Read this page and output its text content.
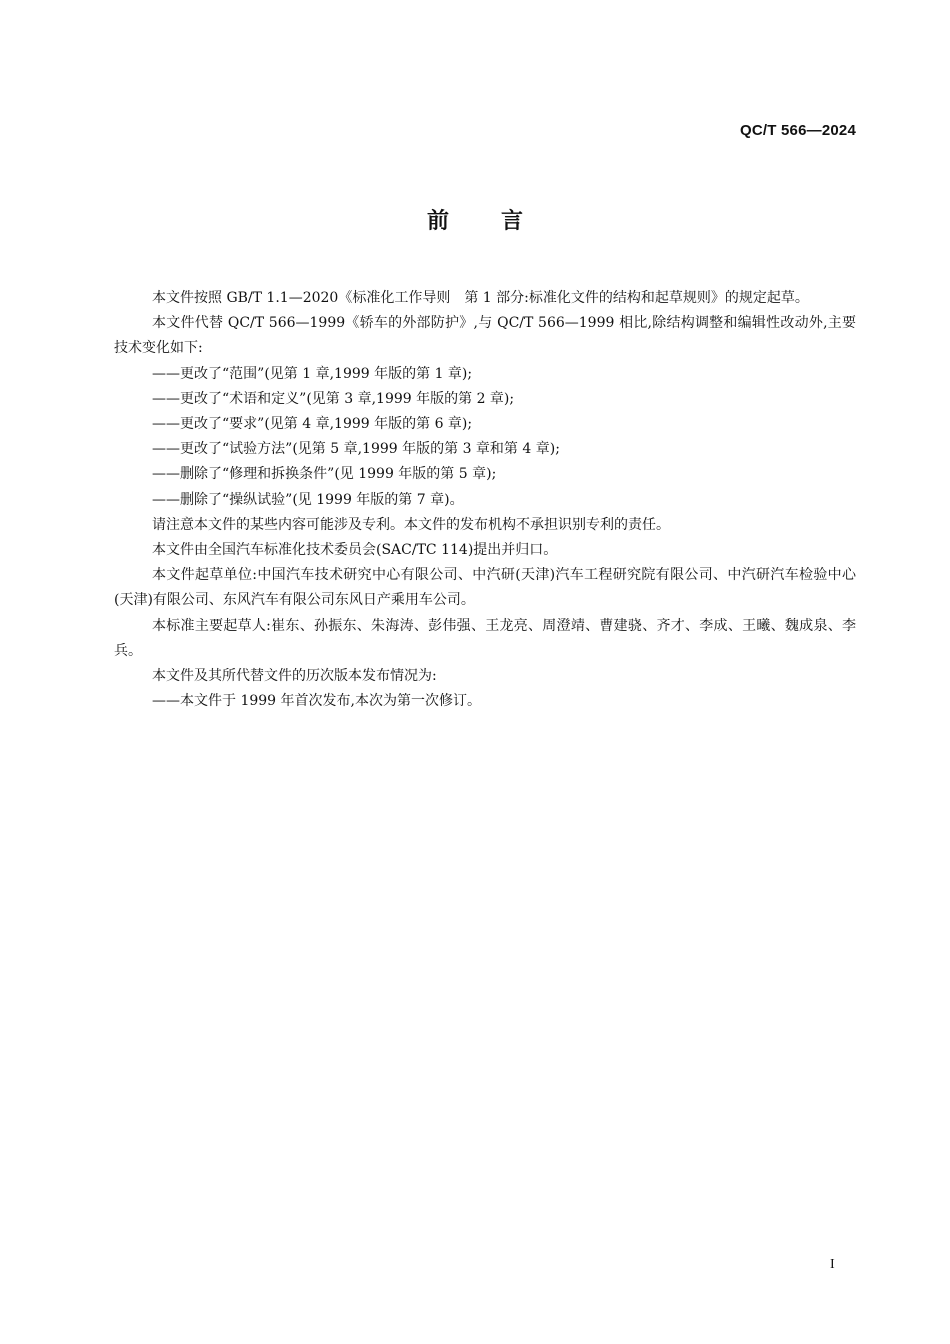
QC/T 566—2024
前言

本文件按照 GB/T 1.1—2020《标准化工作导则　第 1 部分:标准化文件的结构和起草规则》的规定起草。

本文件代替 QC/T 566—1999《轿车的外部防护》,与 QC/T 566—1999 相比,除结构调整和编辑性改动外,主要技术变化如下:

——更改了“范围”(见第 1 章,1999 年版的第 1 章);

——更改了“术语和定义”(见第 3 章,1999 年版的第 2 章);

——更改了“要求”(见第 4 章,1999 年版的第 6 章);

——更改了“试验方法”(见第 5 章,1999 年版的第 3 章和第 4 章);

——删除了“修理和拆换条件”(见 1999 年版的第 5 章);

——删除了“操纵试验”(见 1999 年版的第 7 章)。

请注意本文件的某些内容可能涉及专利。本文件的发布机构不承担识别专利的责任。

本文件由全国汽车标准化技术委员会(SAC/TC 114)提出并归口。

本文件起草单位:中国汽车技术研究中心有限公司、中汽研(天津)汽车工程研究院有限公司、中汽研汽车检验中心(天津)有限公司、东风汽车有限公司东风日产乘用车公司。

本标准主要起草人:崔东、孙振东、朱海涛、彭伟强、王龙亮、周澄靖、曹建骁、齐才、李成、王曦、魏成泉、李兵。

本文件及其所代替文件的历次版本发布情况为:

——本文件于 1999 年首次发布,本次为第一次修订。

I
